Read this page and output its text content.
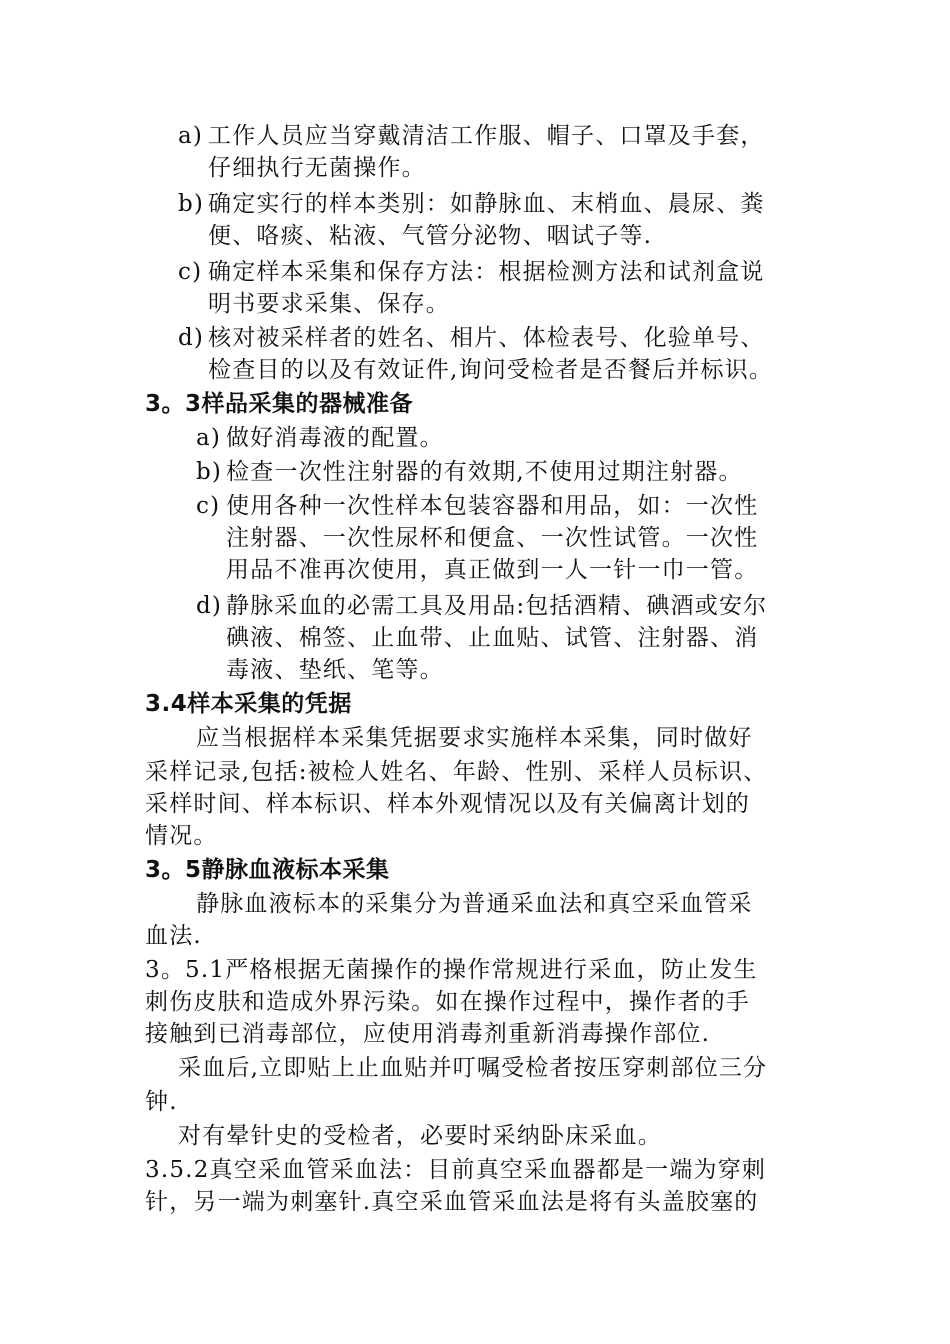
a) 工作人员应当穿戴清洁工作服、帽子、口罩及手套，
仔细执行无菌操作。
b) 确定实行的样本类别：如静脉血、末梢血、晨尿、粪
便、咯痰、粘液、气管分泌物、咽试子等.
c) 确定样本采集和保存方法：根据检测方法和试剂盒说
明书要求采集、保存。
d) 核对被采样者的姓名、相片、体检表号、化验单号、
检查目的以及有效证件,询问受检者是否餐后并标识。
3。3样品采集的器械准备
a) 做好消毒液的配置。
b) 检查一次性注射器的有效期,不使用过期注射器。
c) 使用各种一次性样本包装容器和用品，如：一次性
注射器、一次性尿杯和便盒、一次性试管。一次性
用品不准再次使用，真正做到一人一针一巾一管。
d) 静脉采血的必需工具及用品:包括酒精、碘酒或安尔
碘液、棉签、止血带、止血贴、试管、注射器、消
毒液、垫纸、笔等。
3.4样本采集的凭据
应当根据样本采集凭据要求实施样本采集，同时做好
采样记录,包括:被检人姓名、年龄、性别、采样人员标识、
采样时间、样本标识、样本外观情况以及有关偏离计划的
情况。
3。5静脉血液标本采集
静脉血液标本的采集分为普通采血法和真空采血管采
血法.
3。5.1严格根据无菌操作的操作常规进行采血，防止发生
刺伤皮肤和造成外界污染。如在操作过程中，操作者的手
接触到已消毒部位，应使用消毒剂重新消毒操作部位.
采血后,立即贴上止血贴并叮嘱受检者按压穿刺部位三分
钟.
对有晕针史的受检者，必要时采纳卧床采血。
3.5.2真空采血管采血法：目前真空采血器都是一端为穿刺
针，另一端为刺塞针.真空采血管采血法是将有头盖胶塞的
